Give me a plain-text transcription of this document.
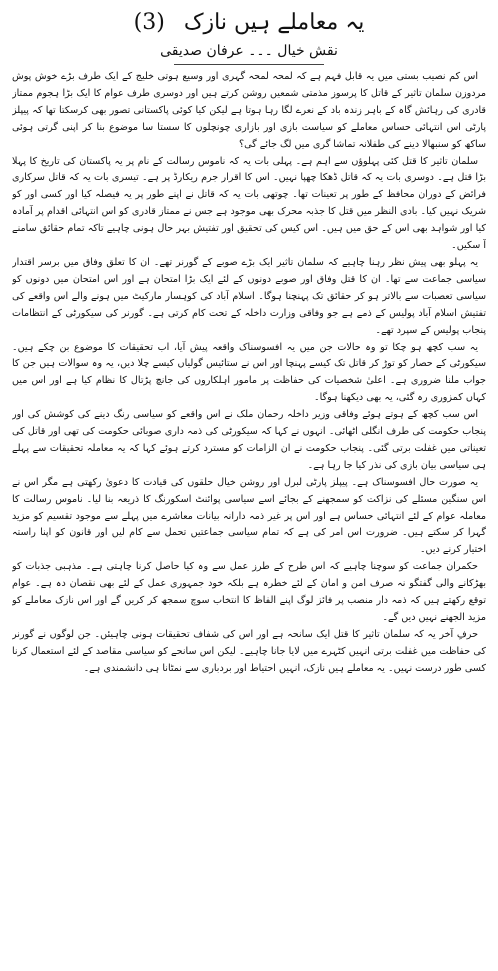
یہ معاملے ہیں نازک (3)
نقش خیال ۔۔۔ عرفان صدیقی

اس کم نصیب بستی میں یہ قابل فہم ہے کہ لمحہ لمحہ گہری اور وسیع ہوتی خلیج کے ایک طرف بڑے خوش پوش مردوزن سلمان تاثیر کے قاتل کا پرسوز مذمتی شمعیں روشن کرتے ہیں اور دوسری طرف عوام کا ایک بڑا ہجوم ممتاز قادری کی رہائش گاہ کے باہر زندہ باد کے نعرے لگا رہا ہوتا ہے لیکن کیا کوئی پاکستانی تصور بھی کرسکتا تھا کہ پیپلز پارٹی اس انتہائی حساس معاملے کو سیاست بازی اور بازاری چونچلوں کا سستا سا موضوع بنا کر اپنی گرتی ہوئی ساکھ کو سنبھالا دینے کی طفلانہ تماشا گری میں لگ جائے گی؟

سلمان تاثیر کا قتل کئی پہلوؤں سے اہم ہے۔ پہلی بات یہ کہ ناموس رسالت کے نام پر یہ پاکستان کی تاریخ کا پہلا بڑا قتل ہے۔ دوسری بات یہ کہ قاتل ڈھکا چھپا نہیں۔ اس کا اقرار جرم ریکارڈ پر ہے۔ تیسری بات یہ کہ قاتل سرکاری فرائض کے دوران محافظ کے طور پر تعینات تھا۔ چوتھی بات یہ کہ قاتل نے اپنے طور پر یہ فیصلہ کیا اور کسی اور کو شریک نہیں کیا۔ بادی النظر میں قتل کا جذبہ محرک بھی موجود ہے جس نے ممتاز قادری کو اس انتہائی اقدام پر آمادہ کیا اور شواہد بھی اس کے حق میں ہیں۔ اس کیس کی تحقیق اور تفتیش بہر حال ہونی چاہیے تاکہ تمام حقائق سامنے آ سکیں۔

یہ پہلو بھی پیش نظر رہنا چاہیے کہ سلمان تاثیر ایک بڑے صوبے کے گورنر تھے۔ ان کا تعلق وفاق میں برسر اقتدار سیاسی جماعت سے تھا۔ ان کا قتل وفاق اور صوبے دونوں کے لئے ایک بڑا امتحان ہے اور اس امتحان میں دونوں کو سیاسی تعصبات سے بالاتر ہو کر حقائق تک پہنچنا ہوگا۔ اسلام آباد کی کوہسار مارکیٹ میں ہونے والے اس واقعے کی تفتیش اسلام آباد پولیس کے ذمے ہے جو وفاقی وزارت داخلہ کے تحت کام کرتی ہے۔ گورنر کی سیکورٹی کے انتظامات پنجاب پولیس کے سپرد تھے۔

یہ سب کچھ ہو چکا تو وہ حالات جن میں یہ افسوسناک واقعہ پیش آیا، اب تحقیقات کا موضوع بن چکے ہیں۔ سیکورٹی کے حصار کو توڑ کر قاتل تک کیسے پہنچا اور اس نے ستائیس گولیاں کیسے چلا دیں، یہ وہ سوالات ہیں جن کا جواب ملنا ضروری ہے۔ اعلیٰ شخصیات کی حفاظت پر مامور اہلکاروں کی جانچ پڑتال کا نظام کیا ہے اور اس میں کہاں کمزوری رہ گئی، یہ بھی دیکھنا ہوگا۔

اس سب کچھ کے ہوتے ہوئے وفاقی وزیر داخلہ رحمان ملک نے اس واقعے کو سیاسی رنگ دینے کی کوشش کی اور پنجاب حکومت کی طرف انگلی اٹھائی۔ انہوں نے کہا کہ سیکورٹی کی ذمہ داری صوبائی حکومت کی تھی اور قاتل کی تعیناتی میں غفلت برتی گئی۔ پنجاب حکومت نے ان الزامات کو مسترد کرتے ہوئے کہا کہ یہ معاملہ تحقیقات سے پہلے ہی سیاسی بیان بازی کی نذر کیا جا رہا ہے۔

یہ صورت حال افسوسناک ہے۔ پیپلز پارٹی لبرل اور روشن خیال حلقوں کی قیادت کا دعویٰ رکھتی ہے مگر اس نے اس سنگین مسئلے کی نزاکت کو سمجھنے کے بجائے اسے سیاسی پوائنٹ اسکورنگ کا ذریعہ بنا لیا۔ ناموس رسالت کا معاملہ عوام کے لئے انتہائی حساس ہے اور اس پر غیر ذمہ دارانہ بیانات معاشرے میں پہلے سے موجود تقسیم کو مزید گہرا کر سکتے ہیں۔ ضرورت اس امر کی ہے کہ تمام سیاسی جماعتیں تحمل سے کام لیں اور قانون کو اپنا راستہ اختیار کرنے دیں۔

حکمران جماعت کو سوچنا چاہیے کہ اس طرح کے طرز عمل سے وہ کیا حاصل کرنا چاہتی ہے۔ مذہبی جذبات کو بھڑکانے والی گفتگو نہ صرف امن و امان کے لئے خطرہ ہے بلکہ خود جمہوری عمل کے لئے بھی نقصان دہ ہے۔ عوام توقع رکھتے ہیں کہ ذمہ دار منصب پر فائز لوگ اپنے الفاظ کا انتخاب سوچ سمجھ کر کریں گے اور اس نازک معاملے کو مزید الجھنے نہیں دیں گے۔

حرفِ آخر یہ کہ سلمان تاثیر کا قتل ایک سانحہ ہے اور اس کی شفاف تحقیقات ہونی چاہیئں۔ جن لوگوں نے گورنر کی حفاظت میں غفلت برتی انہیں کٹہرے میں لایا جانا چاہیے۔ لیکن اس سانحے کو سیاسی مقاصد کے لئے استعمال کرنا کسی طور درست نہیں۔ یہ معاملے ہیں نازک، انہیں احتیاط اور بردباری سے نمٹانا ہی دانشمندی ہے۔
